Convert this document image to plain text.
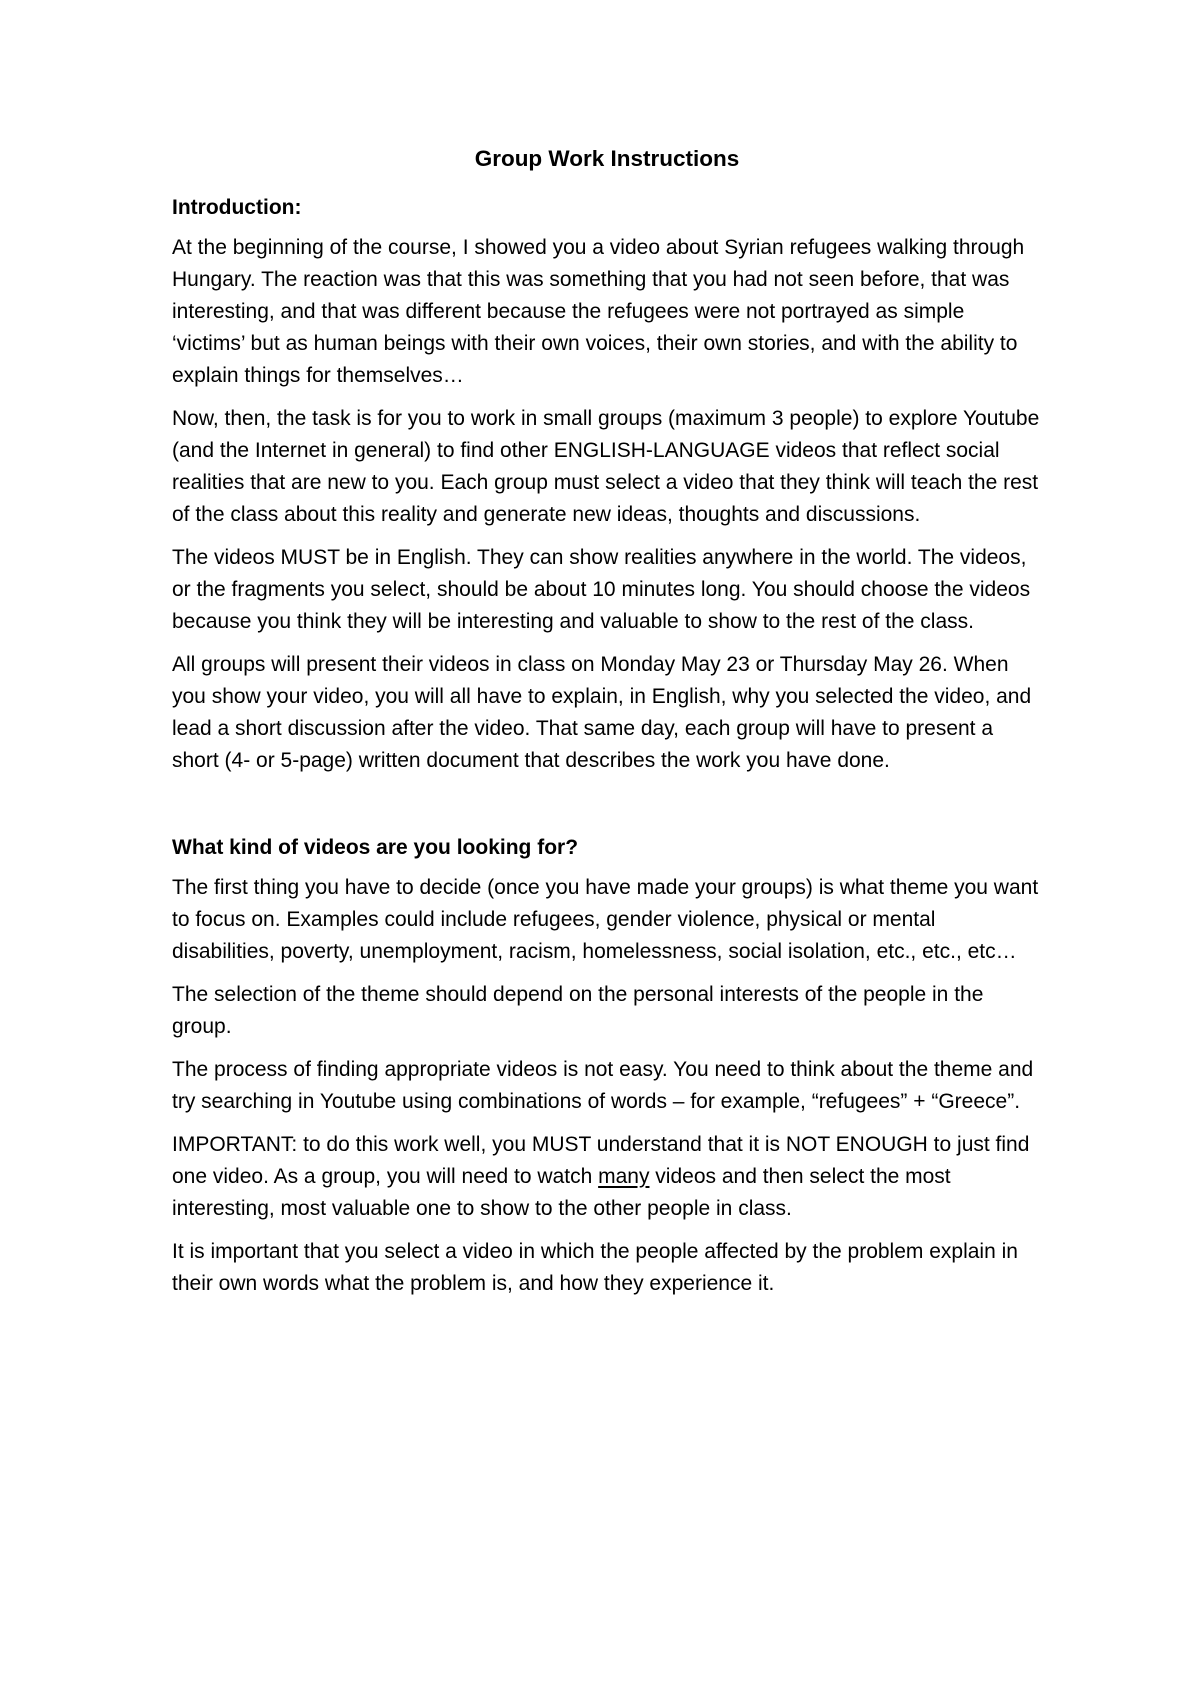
Group Work Instructions
Introduction:

At the beginning of the course, I showed you a video about Syrian refugees walking through Hungary. The reaction was that this was something that you had not seen before, that was interesting, and that was different because the refugees were not portrayed as simple ‘victims’ but as human beings with their own voices, their own stories, and with the ability to explain things for themselves…

Now, then, the task is for you to work in small groups (maximum 3 people) to explore Youtube (and the Internet in general) to find other ENGLISH-LANGUAGE videos that reflect social realities that are new to you. Each group must select a video that they think will teach the rest of the class about this reality and generate new ideas, thoughts and discussions.

The videos MUST be in English. They can show realities anywhere in the world. The videos, or the fragments you select, should be about 10 minutes long. You should choose the videos because you think they will be interesting and valuable to show to the rest of the class.

All groups will present their videos in class on Monday May 23 or Thursday May 26. When you show your video, you will all have to explain, in English, why you selected the video, and lead a short discussion after the video. That same day, each group will have to present a short (4- or 5-page) written document that describes the work you have done.

What kind of videos are you looking for?

The first thing you have to decide (once you have made your groups) is what theme you want to focus on. Examples could include refugees, gender violence, physical or mental disabilities, poverty, unemployment, racism, homelessness, social isolation, etc., etc., etc…

The selection of the theme should depend on the personal interests of the people in the group.

The process of finding appropriate videos is not easy. You need to think about the theme and try searching in Youtube using combinations of words – for example, “refugees” + “Greece”.

IMPORTANT: to do this work well, you MUST understand that it is NOT ENOUGH to just find one video. As a group, you will need to watch many videos and then select the most interesting, most valuable one to show to the other people in class.

It is important that you select a video in which the people affected by the problem explain in their own words what the problem is, and how they experience it.
